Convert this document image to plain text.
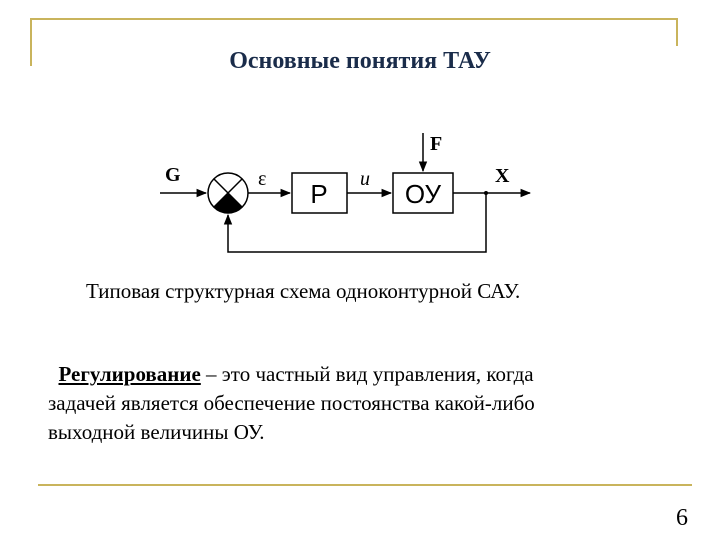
Основные понятия ТАУ
G	ε Р u ОУ
F
X
Типовая структурная схема одноконтурной САУ.
Регулирование – это частный вид управления, когда
задачей является обеспечение постоянства какой-либо
выходной величины ОУ.
6
